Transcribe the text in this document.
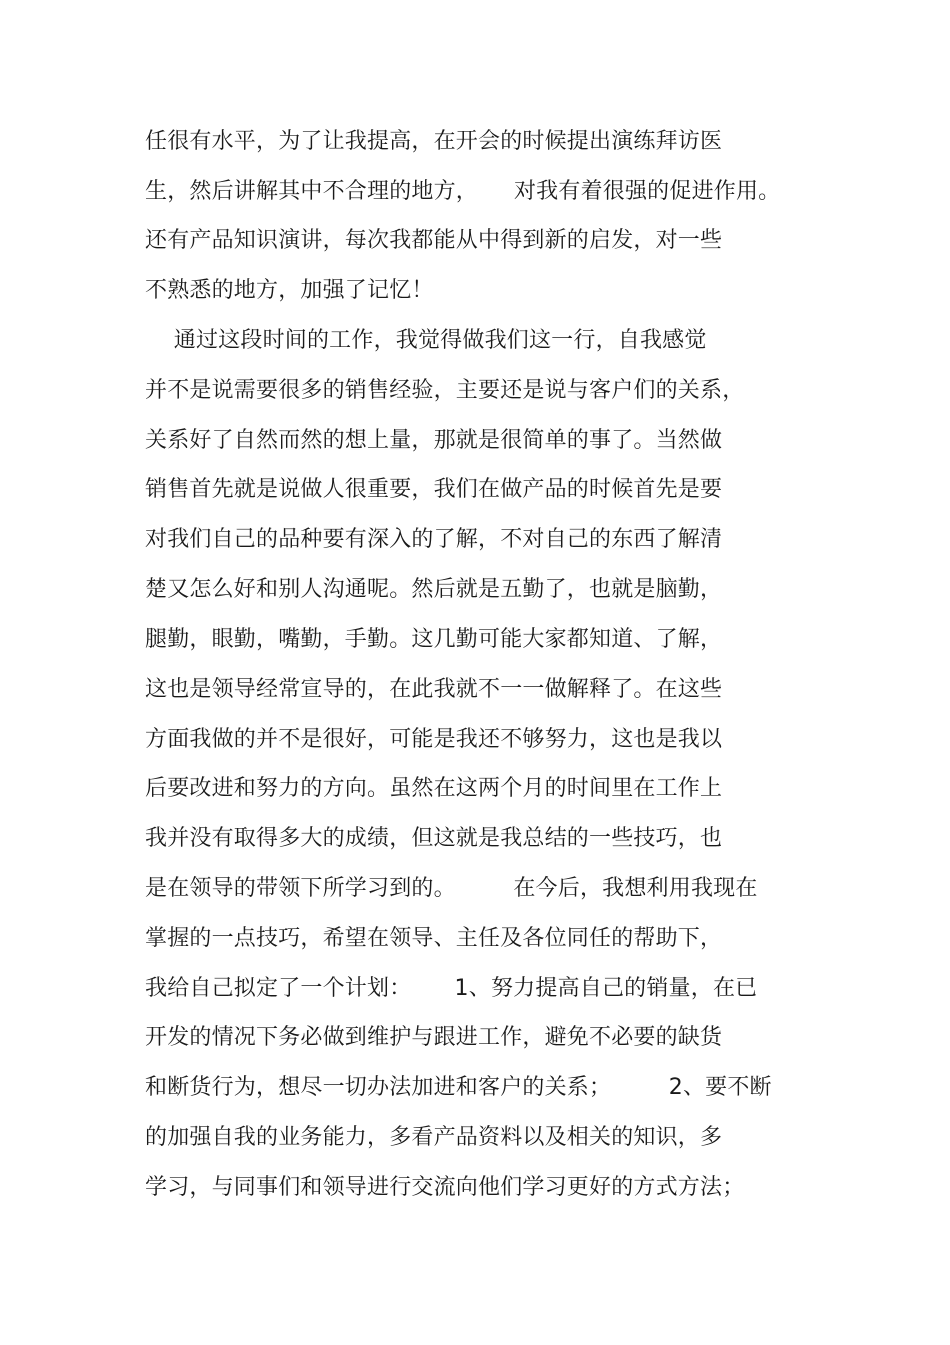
任很有水平，为了让我提高，在开会的时候提出演练拜访医
生，然后讲解其中不合理的地方，     对我有着很强的促进作用。
还有产品知识演讲，每次我都能从中得到新的启发，对一些
不熟悉的地方，加强了记忆！
通过这段时间的工作，我觉得做我们这一行，自我感觉
并不是说需要很多的销售经验，主要还是说与客户们的关系，
关系好了自然而然的想上量，那就是很简单的事了。当然做
销售首先就是说做人很重要，我们在做产品的时候首先是要
对我们自己的品种要有深入的了解，不对自己的东西了解清
楚又怎么好和别人沟通呢。然后就是五勤了，也就是脑勤，
腿勤，眼勤，嘴勤，手勤。这几勤可能大家都知道、了解，
这也是领导经常宣导的，在此我就不一一做解释了。在这些
方面我做的并不是很好，可能是我还不够努力，这也是我以
后要改进和努力的方向。虽然在这两个月的时间里在工作上
我并没有取得多大的成绩，但这就是我总结的一些技巧，也
是在领导的带领下所学习到的。        在今后，我想利用我现在
掌握的一点技巧，希望在领导、主任及各位同任的帮助下，
我给自己拟定了一个计划：      1、努力提高自己的销量，在已
开发的情况下务必做到维护与跟进工作，避免不必要的缺货
和断货行为，想尽一切办法加进和客户的关系；        2、要不断
的加强自我的业务能力，多看产品资料以及相关的知识，多
学习，与同事们和领导进行交流向他们学习更好的方式方法；
